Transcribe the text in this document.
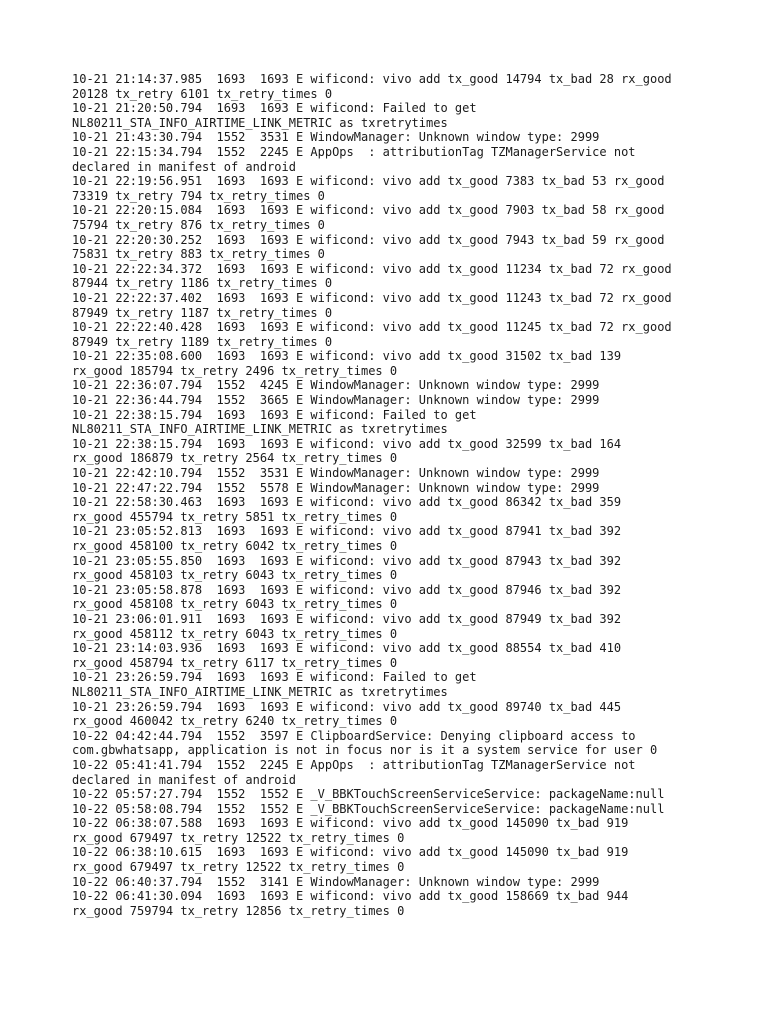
10-21 21:14:37.985  1693  1693 E wificond: vivo add tx_good 14794 tx_bad 28 rx_good
20128 tx_retry 6101 tx_retry_times 0
10-21 21:20:50.794  1693  1693 E wificond: Failed to get
NL80211_STA_INFO_AIRTIME_LINK_METRIC as txretrytimes
10-21 21:43:30.794  1552  3531 E WindowManager: Unknown window type: 2999
10-21 22:15:34.794  1552  2245 E AppOps  : attributionTag TZManagerService not
declared in manifest of android
10-21 22:19:56.951  1693  1693 E wificond: vivo add tx_good 7383 tx_bad 53 rx_good
73319 tx_retry 794 tx_retry_times 0
10-21 22:20:15.084  1693  1693 E wificond: vivo add tx_good 7903 tx_bad 58 rx_good
75794 tx_retry 876 tx_retry_times 0
10-21 22:20:30.252  1693  1693 E wificond: vivo add tx_good 7943 tx_bad 59 rx_good
75831 tx_retry 883 tx_retry_times 0
10-21 22:22:34.372  1693  1693 E wificond: vivo add tx_good 11234 tx_bad 72 rx_good
87944 tx_retry 1186 tx_retry_times 0
10-21 22:22:37.402  1693  1693 E wificond: vivo add tx_good 11243 tx_bad 72 rx_good
87949 tx_retry 1187 tx_retry_times 0
10-21 22:22:40.428  1693  1693 E wificond: vivo add tx_good 11245 tx_bad 72 rx_good
87949 tx_retry 1189 tx_retry_times 0
10-21 22:35:08.600  1693  1693 E wificond: vivo add tx_good 31502 tx_bad 139
rx_good 185794 tx_retry 2496 tx_retry_times 0
10-21 22:36:07.794  1552  4245 E WindowManager: Unknown window type: 2999
10-21 22:36:44.794  1552  3665 E WindowManager: Unknown window type: 2999
10-21 22:38:15.794  1693  1693 E wificond: Failed to get
NL80211_STA_INFO_AIRTIME_LINK_METRIC as txretrytimes
10-21 22:38:15.794  1693  1693 E wificond: vivo add tx_good 32599 tx_bad 164
rx_good 186879 tx_retry 2564 tx_retry_times 0
10-21 22:42:10.794  1552  3531 E WindowManager: Unknown window type: 2999
10-21 22:47:22.794  1552  5578 E WindowManager: Unknown window type: 2999
10-21 22:58:30.463  1693  1693 E wificond: vivo add tx_good 86342 tx_bad 359
rx_good 455794 tx_retry 5851 tx_retry_times 0
10-21 23:05:52.813  1693  1693 E wificond: vivo add tx_good 87941 tx_bad 392
rx_good 458100 tx_retry 6042 tx_retry_times 0
10-21 23:05:55.850  1693  1693 E wificond: vivo add tx_good 87943 tx_bad 392
rx_good 458103 tx_retry 6043 tx_retry_times 0
10-21 23:05:58.878  1693  1693 E wificond: vivo add tx_good 87946 tx_bad 392
rx_good 458108 tx_retry 6043 tx_retry_times 0
10-21 23:06:01.911  1693  1693 E wificond: vivo add tx_good 87949 tx_bad 392
rx_good 458112 tx_retry 6043 tx_retry_times 0
10-21 23:14:03.936  1693  1693 E wificond: vivo add tx_good 88554 tx_bad 410
rx_good 458794 tx_retry 6117 tx_retry_times 0
10-21 23:26:59.794  1693  1693 E wificond: Failed to get
NL80211_STA_INFO_AIRTIME_LINK_METRIC as txretrytimes
10-21 23:26:59.794  1693  1693 E wificond: vivo add tx_good 89740 tx_bad 445
rx_good 460042 tx_retry 6240 tx_retry_times 0
10-22 04:42:44.794  1552  3597 E ClipboardService: Denying clipboard access to
com.gbwhatsapp, application is not in focus nor is it a system service for user 0
10-22 05:41:41.794  1552  2245 E AppOps  : attributionTag TZManagerService not
declared in manifest of android
10-22 05:57:27.794  1552  1552 E _V_BBKTouchScreenServiceService: packageName:null
10-22 05:58:08.794  1552  1552 E _V_BBKTouchScreenServiceService: packageName:null
10-22 06:38:07.588  1693  1693 E wificond: vivo add tx_good 145090 tx_bad 919
rx_good 679497 tx_retry 12522 tx_retry_times 0
10-22 06:38:10.615  1693  1693 E wificond: vivo add tx_good 145090 tx_bad 919
rx_good 679497 tx_retry 12522 tx_retry_times 0
10-22 06:40:37.794  1552  3141 E WindowManager: Unknown window type: 2999
10-22 06:41:30.094  1693  1693 E wificond: vivo add tx_good 158669 tx_bad 944
rx_good 759794 tx_retry 12856 tx_retry_times 0
